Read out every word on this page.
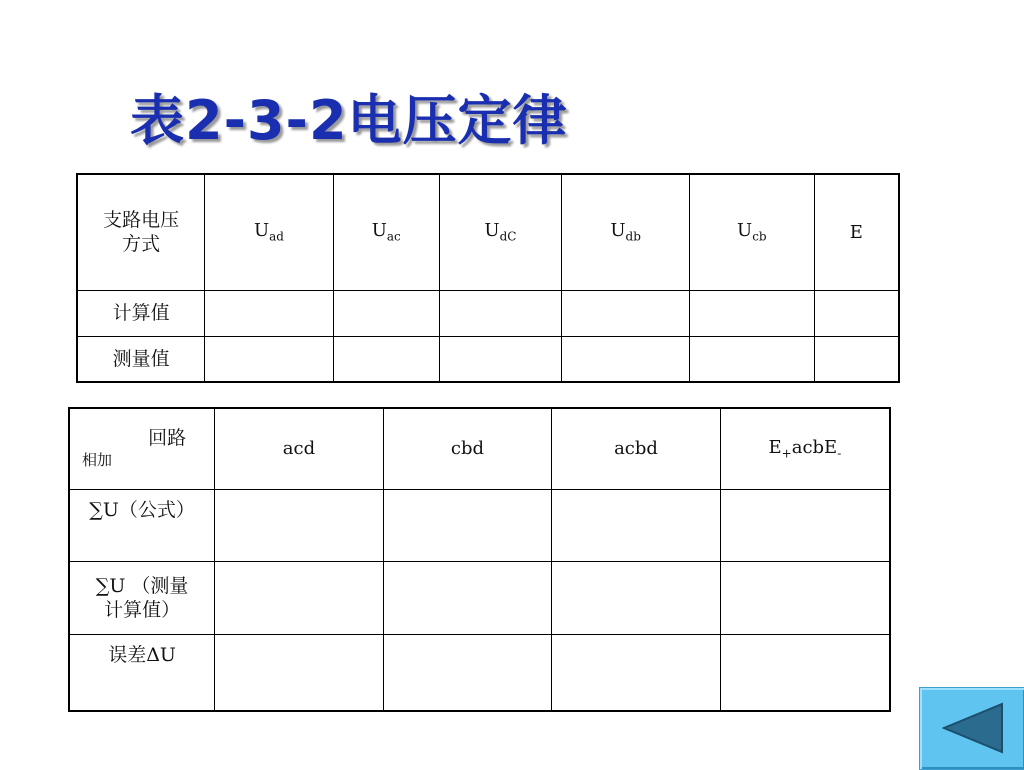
表2-3-2电压定律
支路电压
方式	$U_{ad}$	$U_{ac}$	$U_{dC}$	$U_{db}$	$U_{cb}$	E
计算值						
测量值						
回路
相加	acd	cbd	acbd	$E_+acbE_-$
∑U（公式）				

∑U （测量
计算值）				

误差ΔU				
